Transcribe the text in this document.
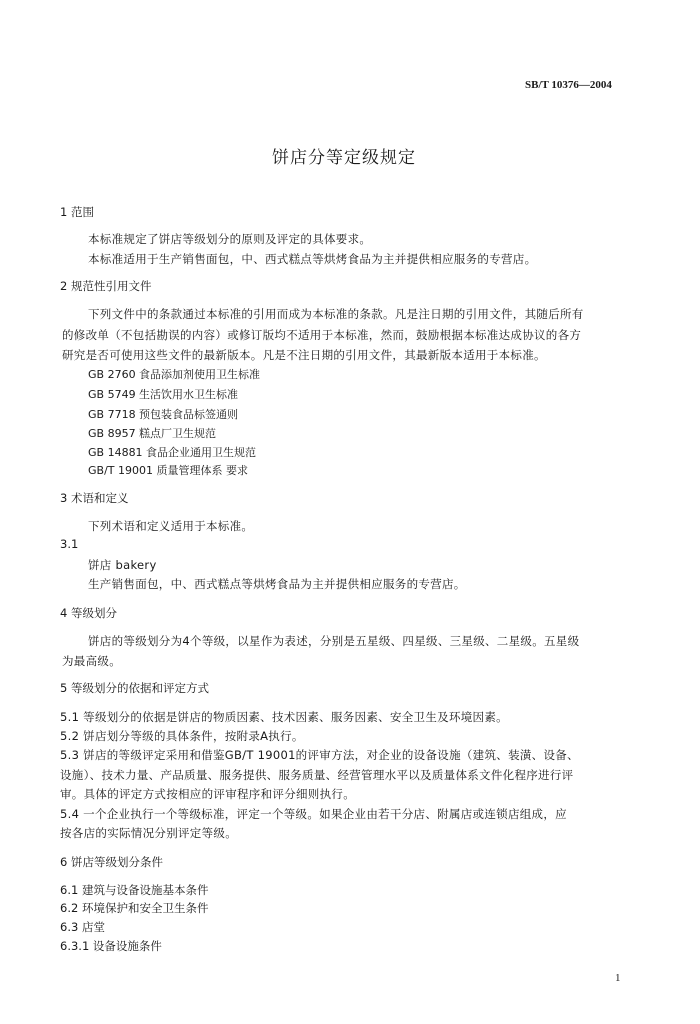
SB/T 10376—2004
饼店分等定级规定
1 范围
本标准规定了饼店等级划分的原则及评定的具体要求。
本标准适用于生产销售面包，中、西式糕点等烘烤食品为主并提供相应服务的专营店。
2 规范性引用文件
下列文件中的条款通过本标准的引用而成为本标准的条款。凡是注日期的引用文件，其随后所有
的修改单（不包括勘误的内容）或修订版均不适用于本标准，然而，鼓励根据本标准达成协议的各方
研究是否可使用这些文件的最新版本。凡是不注日期的引用文件，其最新版本适用于本标准。
GB 2760 食品添加剂使用卫生标准
GB 5749 生活饮用水卫生标准
GB 7718 预包装食品标签通则
GB 8957 糕点厂卫生规范
GB 14881 食品企业通用卫生规范
GB/T 19001 质量管理体系 要求
3 术语和定义
下列术语和定义适用于本标准。
3.1
饼店 bakery
生产销售面包，中、西式糕点等烘烤食品为主并提供相应服务的专营店。
4 等级划分
饼店的等级划分为4个等级，以星作为表述，分别是五星级、四星级、三星级、二星级。五星级
为最高级。
5 等级划分的依据和评定方式
5.1 等级划分的依据是饼店的物质因素、技术因素、服务因素、安全卫生及环境因素。
5.2 饼店划分等级的具体条件，按附录A执行。
5.3 饼店的等级评定采用和借鉴GB/T 19001的评审方法，对企业的设备设施（建筑、装潢、设备、
设施）、技术力量、产品质量、服务提供、服务质量、经营管理水平以及质量体系文件化程序进行评
审。具体的评定方式按相应的评审程序和评分细则执行。
5.4 一个企业执行一个等级标准，评定一个等级。如果企业由若干分店、附属店或连锁店组成，应
按各店的实际情况分别评定等级。
6 饼店等级划分条件
6.1 建筑与设备设施基本条件
6.2 环境保护和安全卫生条件
6.3 店堂
6.3.1 设备设施条件
1
